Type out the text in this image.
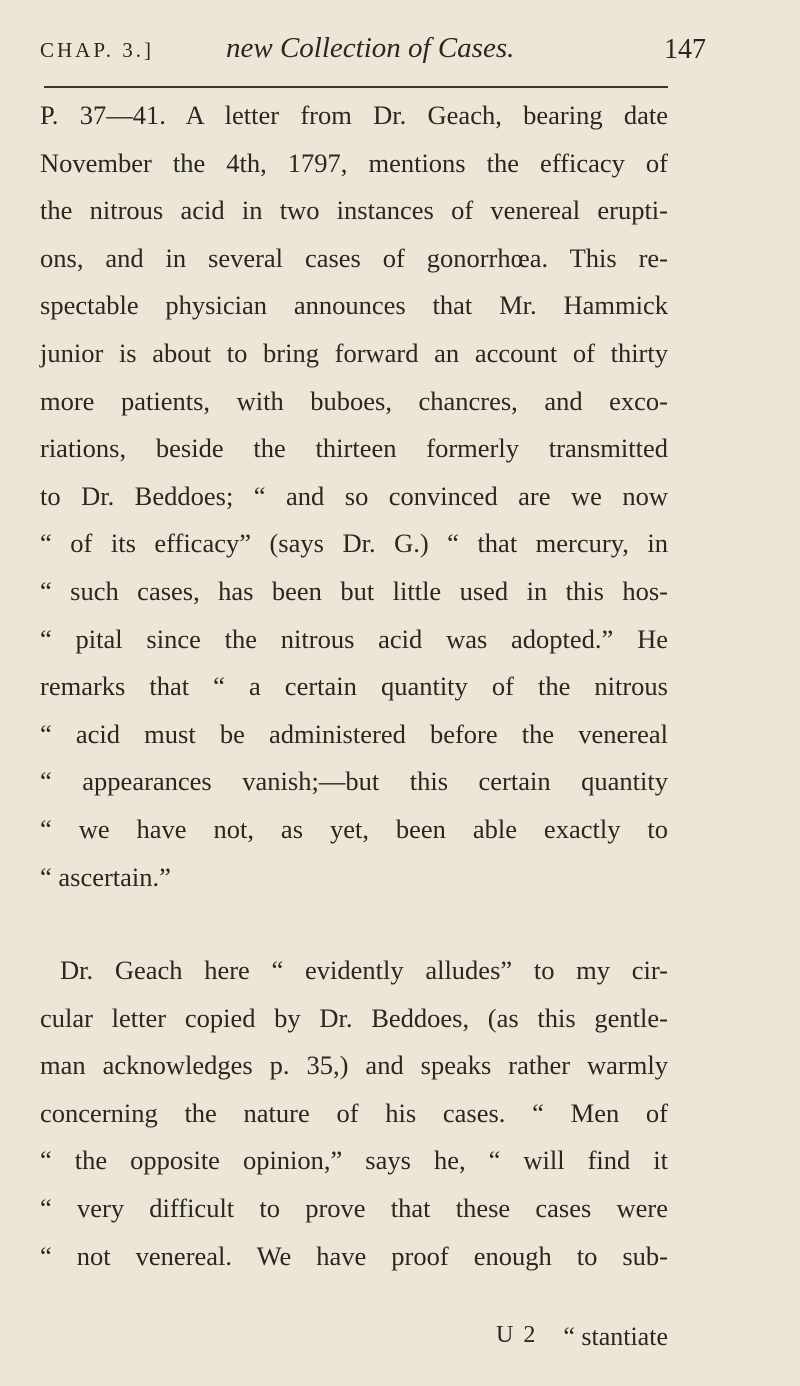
CHAP. 3.] new Collection of Cases.	147
P. 37—41. A letter from Dr. Geach, bearing date
November the 4th, 1797, mentions the efficacy of
the nitrous acid in two instances of venereal erupti-
ons, and in several cases of gonorrhœa. This re-
spectable physician announces that Mr. Hammick
junior is about to bring forward an account of thirty
more patients, with buboes, chancres, and exco-
riations, beside the thirteen formerly transmitted
to Dr. Beddoes; “ and so convinced are we now
“ of its efficacy” (says Dr. G.) “ that mercury, in
“ such cases, has been but little used in this hos-
“ pital since the nitrous acid was adopted.” He
remarks that “ a certain quantity of the nitrous
“ acid must be administered before the venereal
“ appearances vanish;—but this certain quantity
“ we have not, as yet, been able exactly to
“ ascertain.”
Dr. Geach here “ evidently alludes” to my cir-
cular letter copied by Dr. Beddoes, (as this gentle-
man acknowledges p. 35,) and speaks rather warmly
concerning the nature of his cases. “ Men of
“ the opposite opinion,” says he, “ will find it
“ very difficult to prove that these cases were
“ not venereal. We have proof enough to sub-
U 2 “ stantiate
